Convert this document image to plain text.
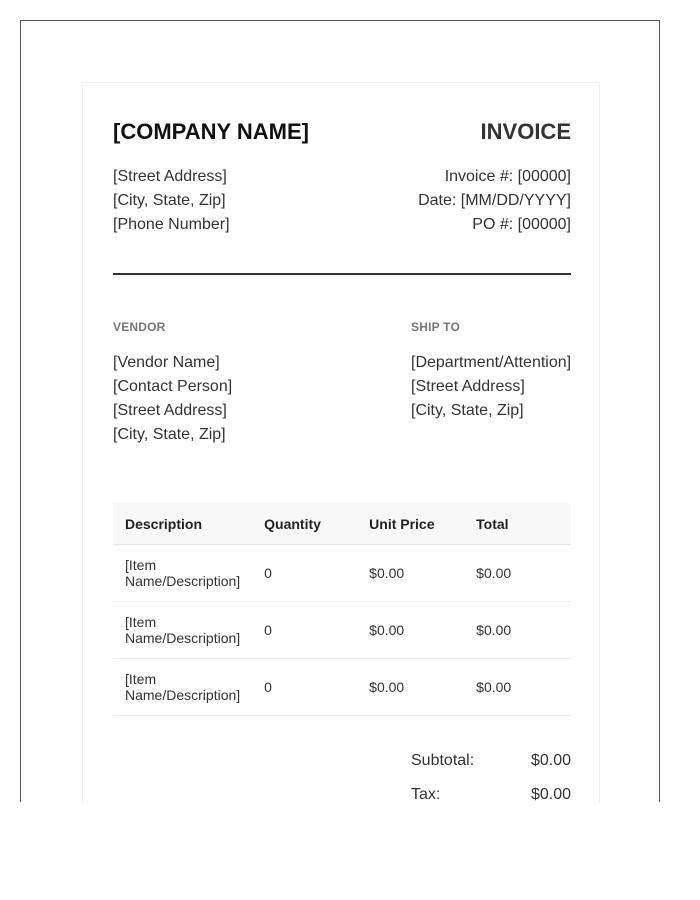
[COMPANY NAME]	INVOICE
[Street Address]
[City, State, Zip]
[Phone Number]
Invoice #: [00000]
Date: [MM/DD/YYYY]
PO #: [00000]
VENDOR
[Vendor Name]
[Contact Person]
[Street Address]
[City, State, Zip]
SHIP TO
[Department/Attention]
[Street Address]
[City, State, Zip]
Description	Quantity	Unit Price	Total
[Item Name/Description]	0	$0.00	$0.00
[Item Name/Description]	0	$0.00	$0.00
[Item Name/Description]	0	$0.00	$0.00
Subtotal:	$0.00
Tax:	$0.00
